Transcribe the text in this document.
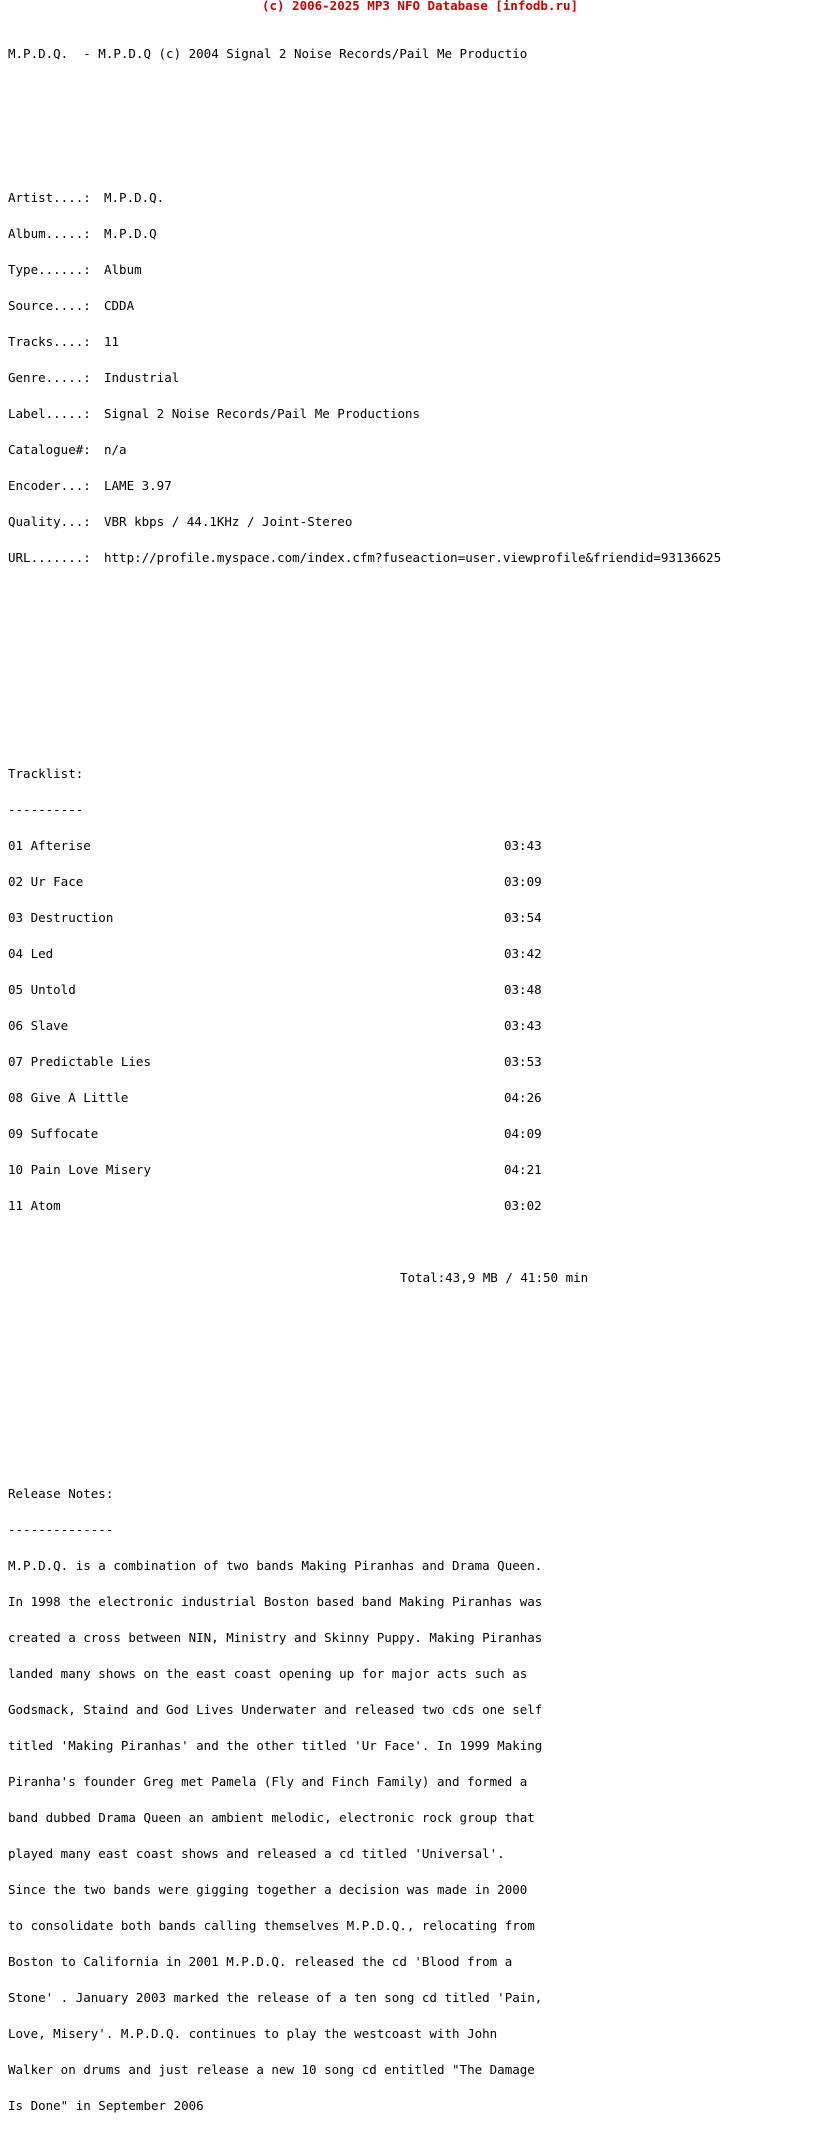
(c) 2006-2025 MP3 NFO Database [infodb.ru]

M.P.D.Q.  - M.P.D.Q (c) 2004 Signal 2 Noise Records/Pail Me Productio

Artist....: M.P.D.Q.

Album.....: M.P.D.Q

Type......: Album

Source....: CDDA

Tracks....: 11

Genre.....: Industrial

Label.....: Signal 2 Noise Records/Pail Me Productions

Catalogue#: n/a

Encoder...: LAME 3.97

Quality...: VBR kbps / 44.1KHz / Joint-Stereo

URL.......: http://profile.myspace.com/index.cfm?fuseaction=user.viewprofile&friendid=93136625

Tracklist:

----------

01 Afterise	03:43

02 Ur Face	03:09

03 Destruction	03:54

04 Led	03:42

05 Untold	03:48

06 Slave	03:43

07 Predictable Lies	03:53

08 Give A Little	04:26

09 Suffocate	04:09

10 Pain Love Misery	04:21

11 Atom	03:02

Total:43,9 MB / 41:50 min

Release Notes:

--------------

M.P.D.Q. is a combination of two bands Making Piranhas and Drama Queen.

In 1998 the electronic industrial Boston based band Making Piranhas was

created a cross between NIN, Ministry and Skinny Puppy. Making Piranhas

landed many shows on the east coast opening up for major acts such as

Godsmack, Staind and God Lives Underwater and released two cds one self

titled 'Making Piranhas' and the other titled 'Ur Face'. In 1999 Making

Piranha's founder Greg met Pamela (Fly and Finch Family) and formed a

band dubbed Drama Queen an ambient melodic, electronic rock group that

played many east coast shows and released a cd titled 'Universal'.

Since the two bands were gigging together a decision was made in 2000

to consolidate both bands calling themselves M.P.D.Q., relocating from

Boston to California in 2001 M.P.D.Q. released the cd 'Blood from a

Stone' . January 2003 marked the release of a ten song cd titled 'Pain,

Love, Misery'. M.P.D.Q. continues to play the westcoast with John

Walker on drums and just release a new 10 song cd entitled "The Damage

Is Done" in September 2006
